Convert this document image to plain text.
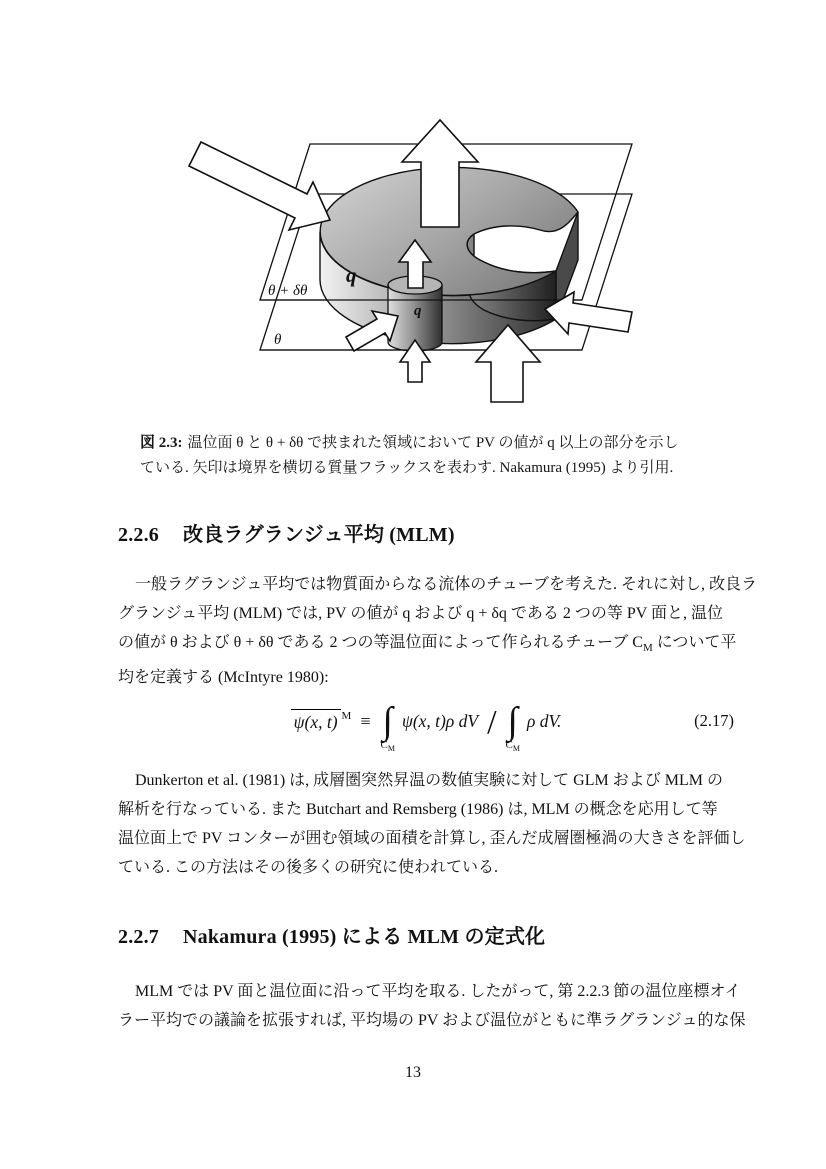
θ + δθ
θ
q
q
図 2.3: 温位面 θ と θ + δθ で挟まれた領域において PV の値が q 以上の部分を示し
ている. 矢印は境界を横切る質量フラックスを表わす. Nakamura (1995) より引用.
2.2.6 改良ラグランジュ平均 (MLM)
一般ラグランジュ平均では物質面からなる流体のチューブを考えた. それに対し, 改良ラ
グランジュ平均 (MLM) では, PV の値が q および q + δq である 2 つの等 PV 面と, 温位
の値が θ および θ + δθ である 2 つの等温位面によって作られるチューブ $C_M$ について平
均を定義する (McIntyre 1980):
ψ(x, t) $^M$ ≡ ∫
$C_M$
ψ(x, t)ρ dV / ∫
$C_M$
ρ dV.	(2.17)
Dunkerton et al. (1981) は, 成層圏突然昇温の数値実験に対して GLM および MLM の
解析を行なっている. また Butchart and Remsberg (1986) は, MLM の概念を応用して等
温位面上で PV コンターが囲む領域の面積を計算し, 歪んだ成層圏極渦の大きさを評価し
ている. この方法はその後多くの研究に使われている.
2.2.7 Nakamura (1995) による MLM の定式化
MLM では PV 面と温位面に沿って平均を取る. したがって, 第 2.2.3 節の温位座標オイ
ラー平均での議論を拡張すれば, 平均場の PV および温位がともに準ラグランジュ的な保
13
